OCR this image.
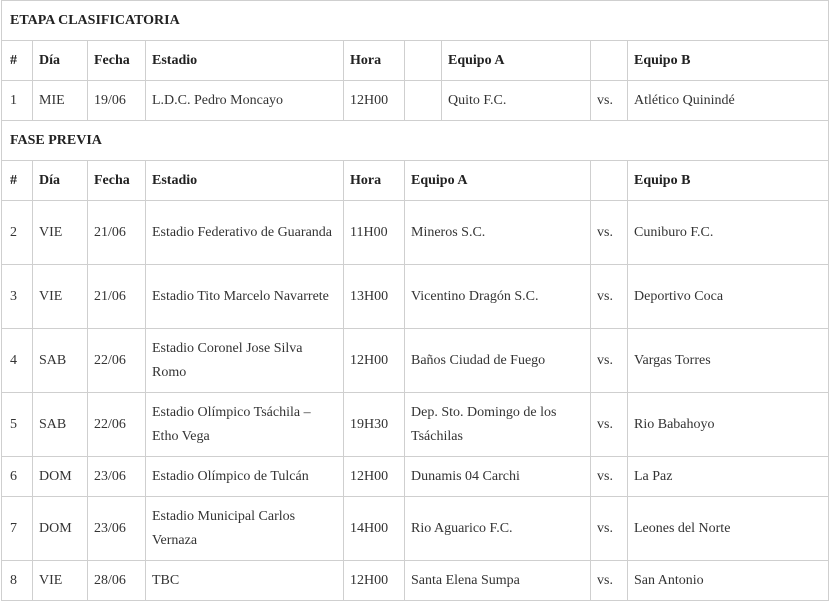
ETAPA CLASIFICATORIA								
#	Día	Fecha	Estadio	Hora		Equipo A		Equipo B
1	MIE	19/06	L.D.C. Pedro Moncayo	12H00		Quito F.C.	vs.	Atlético Quinindé
FASE PREVIA								
#	Día	Fecha	Estadio	Hora	Equipo A			Equipo B
2	VIE	21/06	Estadio Federativo de Guaranda	11H00	Mineros S.C.		vs.	Cuniburo F.C.
3	VIE	21/06	Estadio Tito Marcelo Navarrete	13H00	Vicentino Dragón S.C.		vs.	Deportivo Coca
4	SAB	22/06	Estadio Coronel Jose Silva Romo	12H00	Baños Ciudad de Fuego		vs.	Vargas Torres
5	SAB	22/06	Estadio Olímpico Tsáchila – Etho Vega	19H30	Dep. Sto. Domingo de los Tsáchilas		vs.	Rio Babahoyo
6	DOM	23/06	Estadio Olímpico de Tulcán	12H00	Dunamis 04 Carchi		vs.	La Paz
7	DOM	23/06	Estadio Municipal Carlos Vernaza	14H00	Rio Aguarico F.C.		vs.	Leones del Norte
8	VIE	28/06	TBC	12H00	Santa Elena Sumpa		vs.	San Antonio
